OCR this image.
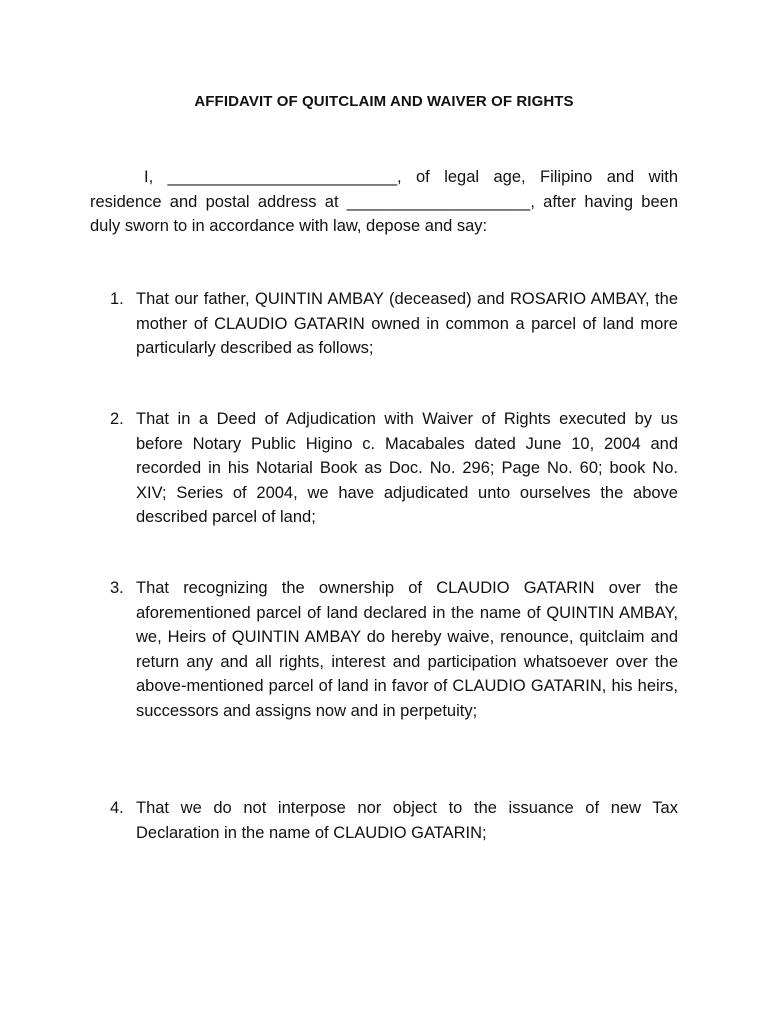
AFFIDAVIT OF QUITCLAIM AND WAIVER OF RIGHTS

I, _________________________, of legal age, Filipino and with residence and postal address at ____________________, after having been duly sworn to in accordance with law, depose and say:

1. That our father, QUINTIN AMBAY (deceased) and ROSARIO AMBAY, the mother of CLAUDIO GATARIN owned in common a parcel of land more particularly described as follows;
2. That in a Deed of Adjudication with Waiver of Rights executed by us before Notary Public Higino c. Macabales dated June 10, 2004 and recorded in his Notarial Book as Doc. No. 296; Page No. 60; book No. XIV; Series of 2004, we have adjudicated unto ourselves the above described parcel of land;
3. That recognizing the ownership of CLAUDIO GATARIN over the aforementioned parcel of land declared in the name of QUINTIN AMBAY, we, Heirs of QUINTIN AMBAY do hereby waive, renounce, quitclaim and return any and all rights, interest and participation whatsoever over the above-mentioned parcel of land in favor of CLAUDIO GATARIN, his heirs, successors and assigns now and in perpetuity;
4. That we do not interpose nor object to the issuance of new Tax Declaration in the name of CLAUDIO GATARIN;
